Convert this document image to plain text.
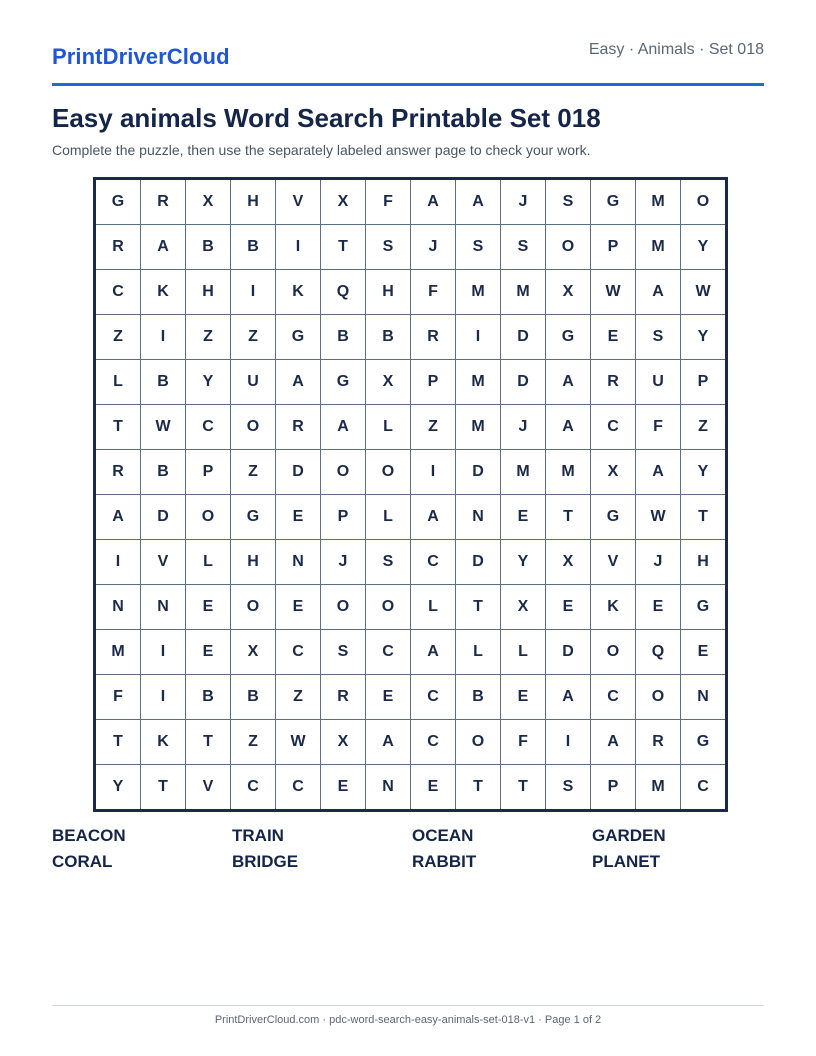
PrintDriverCloud	Easy · Animals · Set 018
Easy animals Word Search Printable Set 018
Complete the puzzle, then use the separately labeled answer page to check your work.
G	R	X	H	V	X	F	A	A	J	S	G	M	O
R	A	B	B	I	T	S	J	S	S	O	P	M	Y
C	K	H	I	K	Q	H	F	M	M	X	W	A	W
Z	I	Z	Z	G	B	B	R	I	D	G	E	S	Y
L	B	Y	U	A	G	X	P	M	D	A	R	U	P
T	W	C	O	R	A	L	Z	M	J	A	C	F	Z
R	B	P	Z	D	O	O	I	D	M	M	X	A	Y
A	D	O	G	E	P	L	A	N	E	T	G	W	T
I	V	L	H	N	J	S	C	D	Y	X	V	J	H
N	N	E	O	E	O	O	L	T	X	E	K	E	G
M	I	E	X	C	S	C	A	L	L	D	O	Q	E
F	I	B	B	Z	R	E	C	B	E	A	C	O	N
T	K	T	Z	W	X	A	C	O	F	I	A	R	G
Y	T	V	C	C	E	N	E	T	T	S	P	M	C
BEACON	TRAIN	OCEAN	GARDEN
CORAL	BRIDGE	RABBIT	PLANET
PrintDriverCloud.com · pdc-word-search-easy-animals-set-018-v1 · Page 1 of 2
